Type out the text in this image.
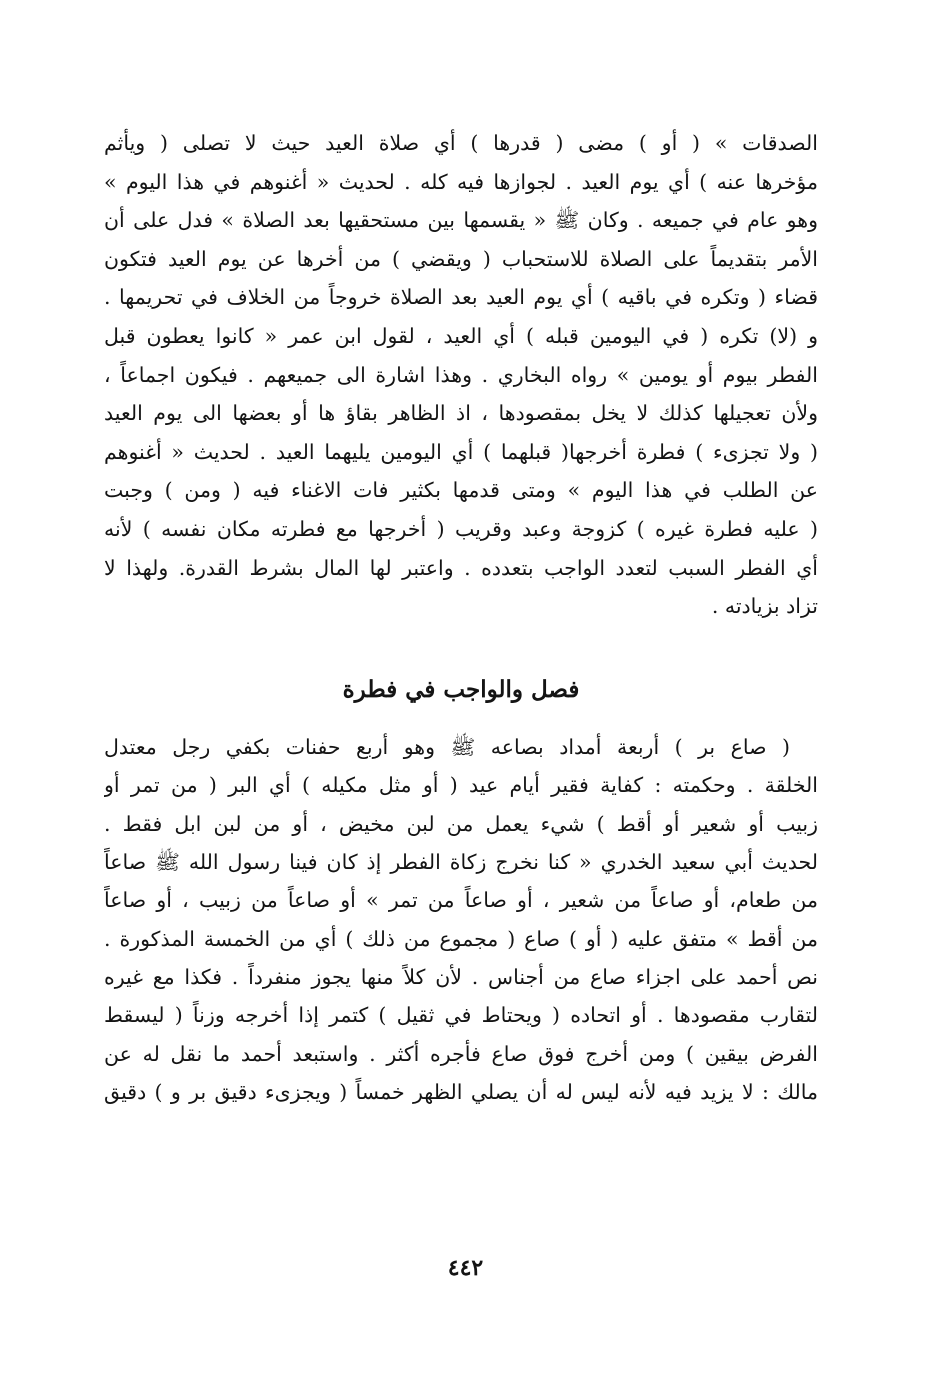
الصدقات » ( أو ) مضى ( قدرها ) أي صلاة العيد حيث لا تصلى ( ويأثم
مؤخرها عنه ) أي يوم العيد . لجوازها فيه كله . لحديث « أغنوهم في هذا اليوم »
وهو عام في جميعه . وكان ﷺ « يقسمها بين مستحقيها بعد الصلاة » فدل على أن
الأمر بتقديماً على الصلاة للاستحباب ( ويقضي ) من أخرها عن يوم العيد فتكون
قضاء ( وتكره في باقيه ) أي يوم العيد بعد الصلاة خروجاً من الخلاف في تحريمها .
و (لا) تكره ( في اليومين قبله ) أي العيد ، لقول ابن عمر « كانوا يعطون قبل
الفطر بيوم أو يومين » رواه البخاري . وهذا اشارة الى جميعهم . فيكون اجماعاً ،
ولأن تعجيلها كذلك لا يخل بمقصودها ، اذ الظاهر بقاؤ ها أو بعضها الى يوم العيد
( ولا تجزىء ) فطرة أخرجها( قبلهما ) أي اليومين يليهما العيد . لحديث « أغنوهم
عن الطلب في هذا اليوم » ومتى قدمها بكثير فات الاغناء فيه ( ومن ) وجبت
( عليه فطرة غيره ) كزوجة وعبد وقريب ( أخرجها مع فطرته مكان نفسه ) لأنه
أي الفطر السبب لتعدد الواجب بتعدده . واعتبر لها المال بشرط القدرة. ولهذا لا
تزاد بزيادته .
فصل والواجب في فطرة
( صاع بر ) أربعة أمداد بصاعه ﷺ وهو أربع حفنات بكفي رجل معتدل
الخلقة . وحكمته : كفاية فقير أيام عيد ( أو مثل مكيله ) أي البر ( من تمر أو
زبيب أو شعير أو أقط ) شيء يعمل من لبن مخيض ، أو من لبن ابل فقط .
لحديث أبي سعيد الخدري « كنا نخرج زكاة الفطر إذ كان فينا رسول الله ﷺ صاعاً
من طعام، أو صاعاً من شعير ، أو صاعاً من تمر » أو صاعاً من زبيب ، أو صاعاً
من أقط » متفق عليه ( أو ) صاع ( مجموع من ذلك ) أي من الخمسة المذكورة .
نص أحمد على اجزاء صاع من أجناس . لأن كلاً منها يجوز منفرداً . فكذا مع غيره
لتقارب مقصودها . أو اتحاده ( ويحتاط في ثقيل ) كتمر إذا أخرجه وزناً ( ليسقط
الفرض بيقين ) ومن أخرج فوق صاع فأجره أكثر . واستبعد أحمد ما نقل له عن
مالك : لا يزيد فيه لأنه ليس له أن يصلي الظهر خمساً ( ويجزىء دقيق بر و ) دقيق
٤٤٢
